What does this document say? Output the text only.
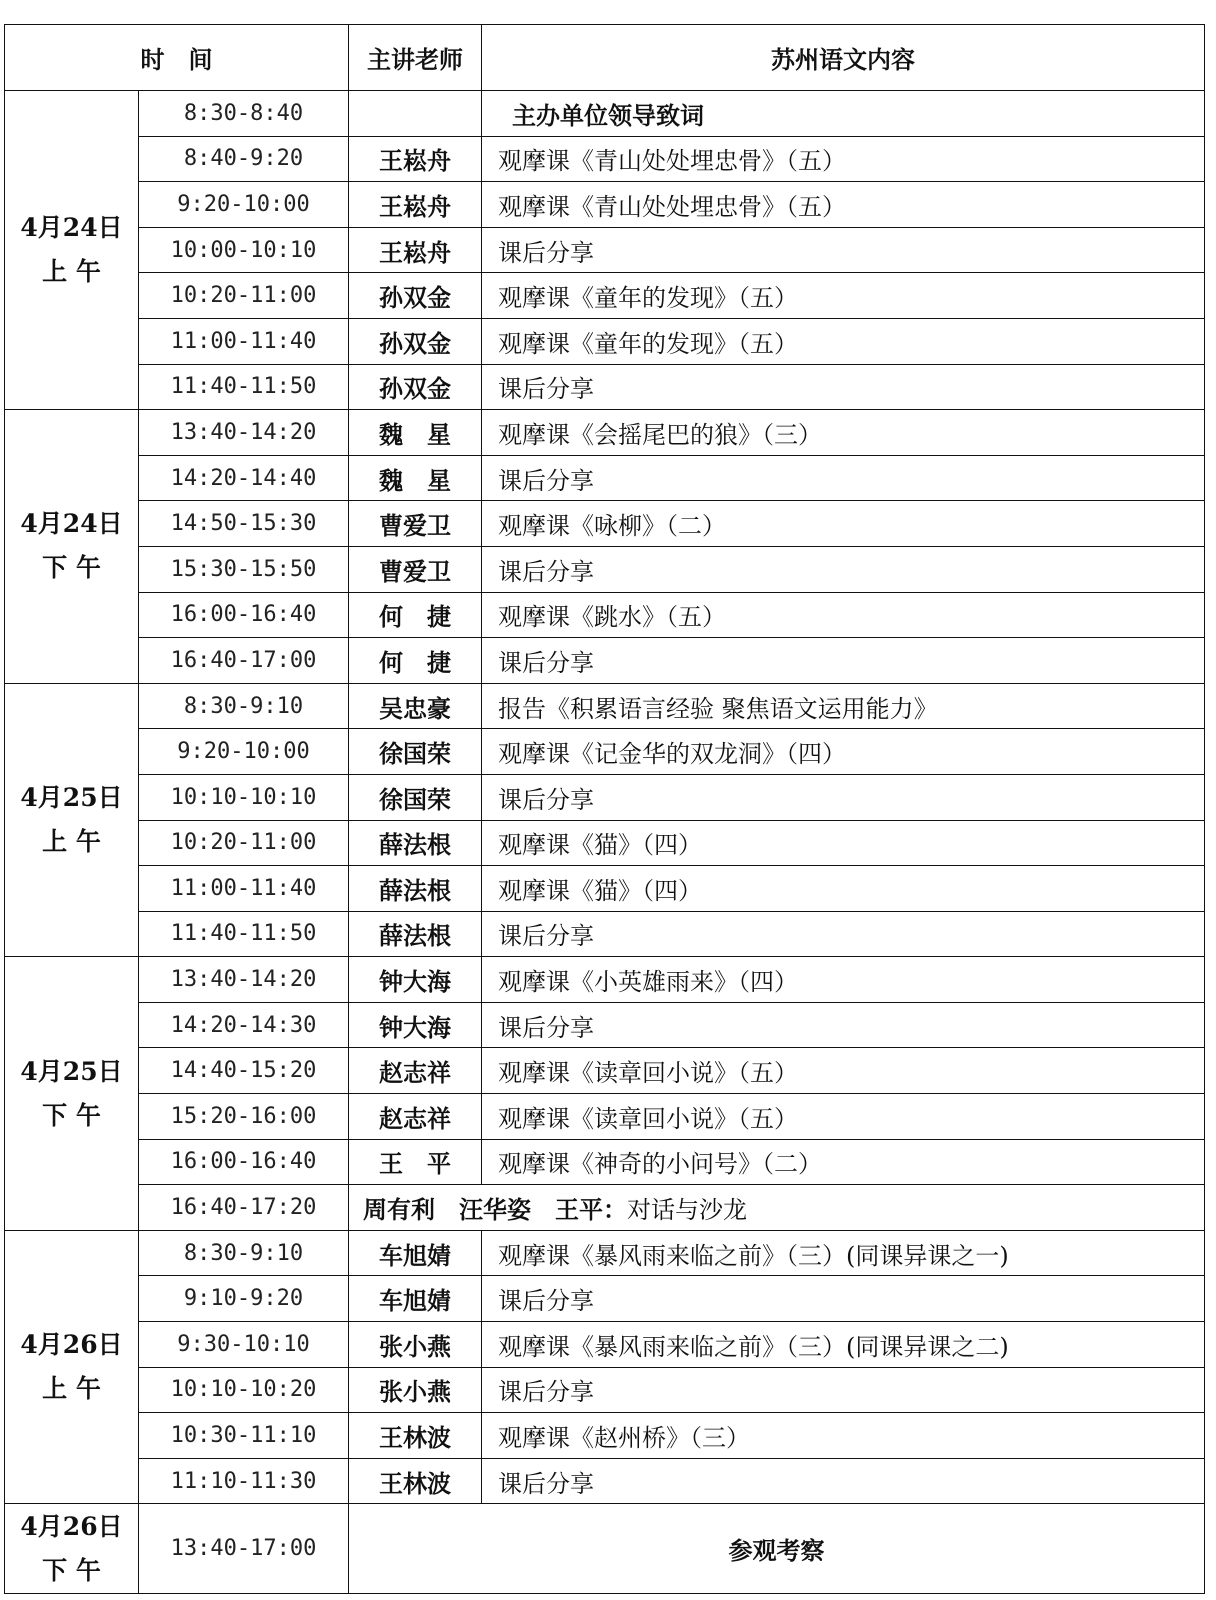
时　间		主讲老师	苏州语文内容

4月24日
上 午	8:30-8:40		主办单位领导致词
	8:40-9:20	王崧舟	观摩课《青山处处埋忠骨》（五）
	9:20-10:00	王崧舟	观摩课《青山处处埋忠骨》（五）
	10:00-10:10	王崧舟	课后分享
	10:20-11:00	孙双金	观摩课《童年的发现》（五）
	11:00-11:40	孙双金	观摩课《童年的发现》（五）
	11:40-11:50	孙双金	课后分享

4月24日
下 午	13:40-14:20	魏　星	观摩课《会摇尾巴的狼》（三）
	14:20-14:40	魏　星	课后分享
	14:50-15:30	曹爱卫	观摩课《咏柳》（二）
	15:30-15:50	曹爱卫	课后分享
	16:00-16:40	何　捷	观摩课《跳水》（五）
	16:40-17:00	何　捷	课后分享

4月25日
上 午	8:30-9:10	吴忠豪	报告《积累语言经验 聚焦语文运用能力》
	9:20-10:00	徐国荣	观摩课《记金华的双龙洞》（四）
	10:10-10:10	徐国荣	课后分享
	10:20-11:00	薛法根	观摩课《猫》（四）
	11:00-11:40	薛法根	观摩课《猫》（四）
	11:40-11:50	薛法根	课后分享

4月25日
下 午	13:40-14:20	钟大海	观摩课《小英雄雨来》（四）
	14:20-14:30	钟大海	课后分享
	14:40-15:20	赵志祥	观摩课《读章回小说》（五）
	15:20-16:00	赵志祥	观摩课《读章回小说》（五）
	16:00-16:40	王　平	观摩课《神奇的小问号》（二）
	16:40-17:20	周有利　汪华姿　王平：对话与沙龙	

4月26日
上 午	8:30-9:10	车旭婧	观摩课《暴风雨来临之前》（三）(同课异课之一)
	9:10-9:20	车旭婧	课后分享
	9:30-10:10	张小燕	观摩课《暴风雨来临之前》（三）(同课异课之二)
	10:10-10:20	张小燕	课后分享
	10:30-11:10	王林波	观摩课《赵州桥》（三）
	11:10-11:30	王林波	课后分享

4月26日
下 午	13:40-17:00	参观考察	
